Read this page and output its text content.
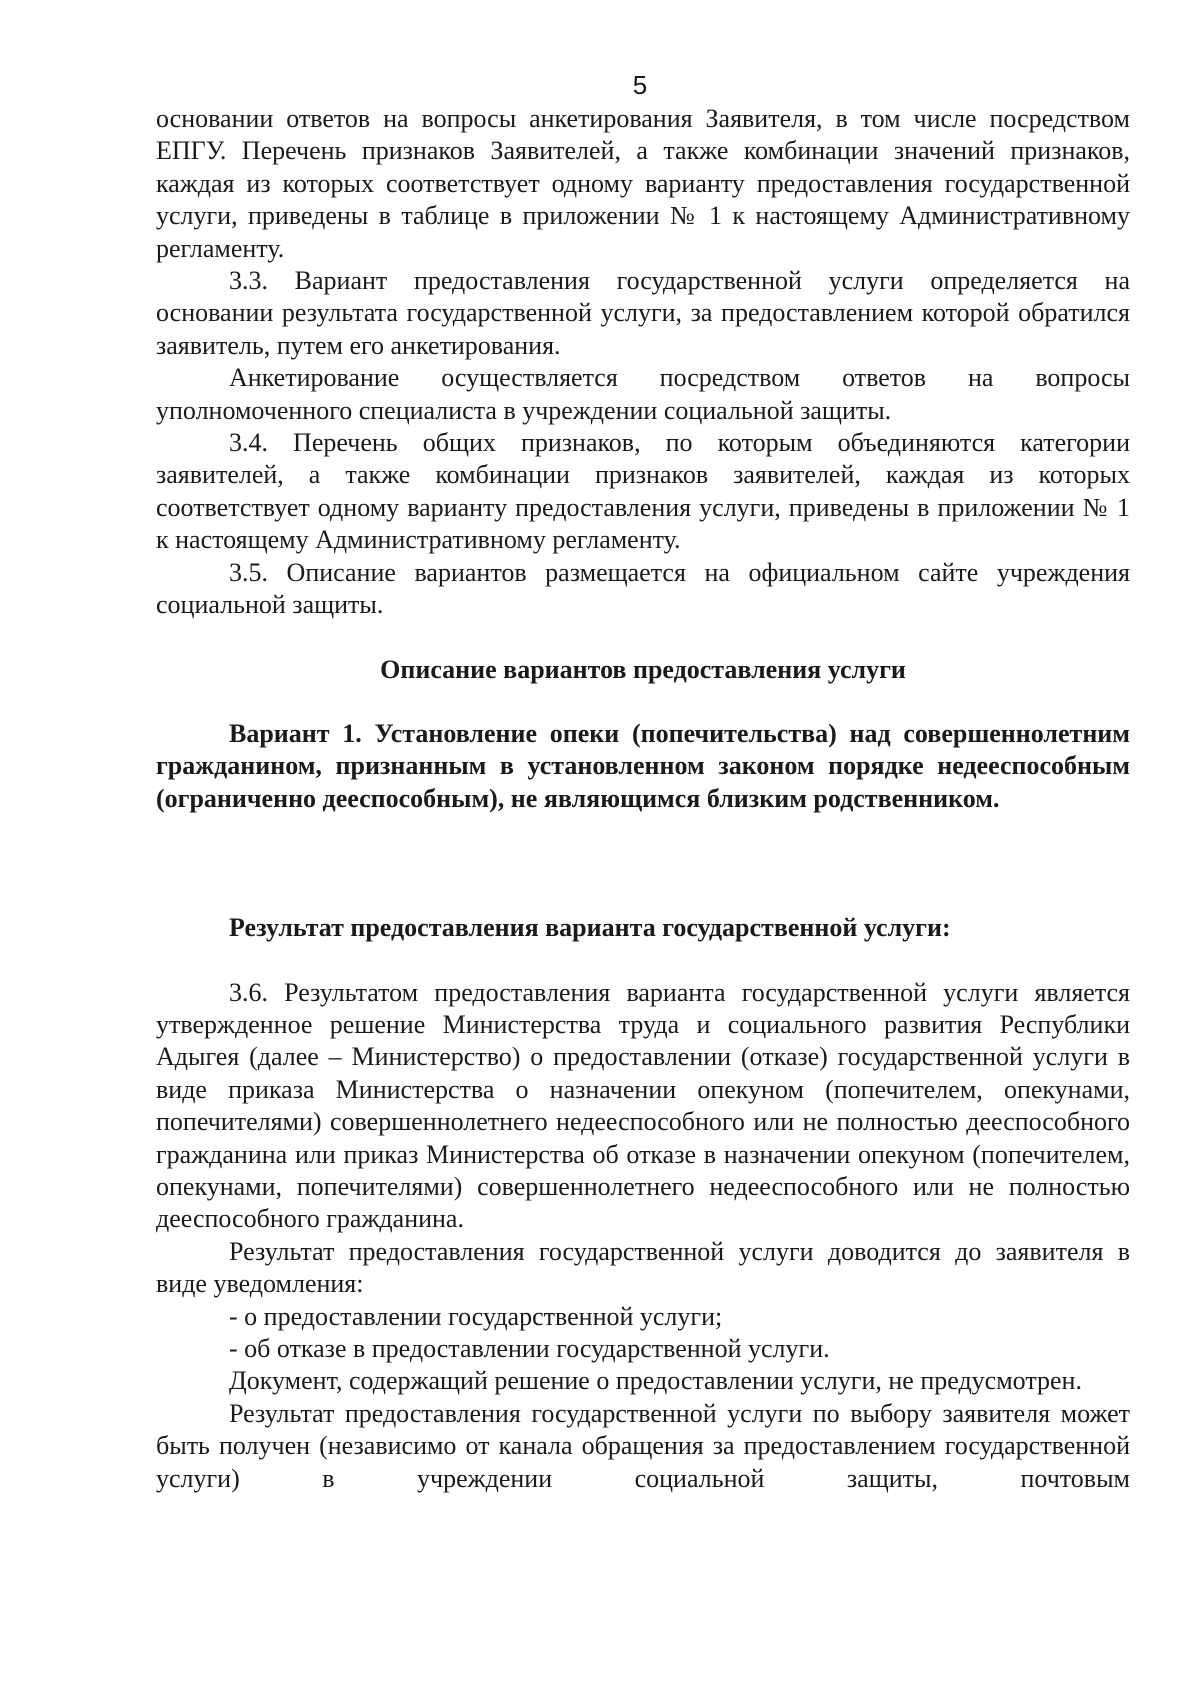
5

основании ответов на вопросы анкетирования Заявителя, в том числе посредством ЕПГУ. Перечень признаков Заявителей, а также комбинации значений признаков, каждая из которых соответствует одному варианту предоставления государственной услуги, приведены в таблице в приложении № 1 к настоящему Административному регламенту.

3.3. Вариант предоставления государственной услуги определяется на основании результата государственной услуги, за предоставлением которой обратился заявитель, путем его анкетирования.

Анкетирование осуществляется посредством ответов на вопросы уполномоченного специалиста в учреждении социальной защиты.

3.4. Перечень общих признаков, по которым объединяются категории заявителей, а также комбинации признаков заявителей, каждая из которых соответствует одному варианту предоставления услуги, приведены в приложении № 1 к настоящему Административному регламенту.

3.5. Описание вариантов размещается на официальном сайте учреждения социальной защиты.

Описание вариантов предоставления услуги

Вариант 1. Установление опеки (попечительства) над совершеннолетним гражданином, признанным в установленном законом порядке недееспособным (ограниченно дееспособным), не являющимся близким родственником.

Результат предоставления варианта государственной услуги:

3.6. Результатом предоставления варианта государственной услуги является утвержденное решение Министерства труда и социального развития Республики Адыгея (далее – Министерство) о предоставлении (отказе) государственной услуги в виде приказа Министерства о назначении опекуном (попечителем, опекунами, попечителями) совершеннолетнего недееспособного или не полностью дееспособного гражданина или приказ Министерства об отказе в назначении опекуном (попечителем, опекунами, попечителями) совершеннолетнего недееспособного или не полностью дееспособного гражданина.

Результат предоставления государственной услуги доводится до заявителя в виде уведомления:

- о предоставлении государственной услуги;

- об отказе в предоставлении государственной услуги.

Документ, содержащий решение о предоставлении услуги, не предусмотрен.

Результат предоставления государственной услуги по выбору заявителя может быть получен (независимо от канала обращения за предоставлением государственной услуги) в учреждении социальной защиты, почтовым
